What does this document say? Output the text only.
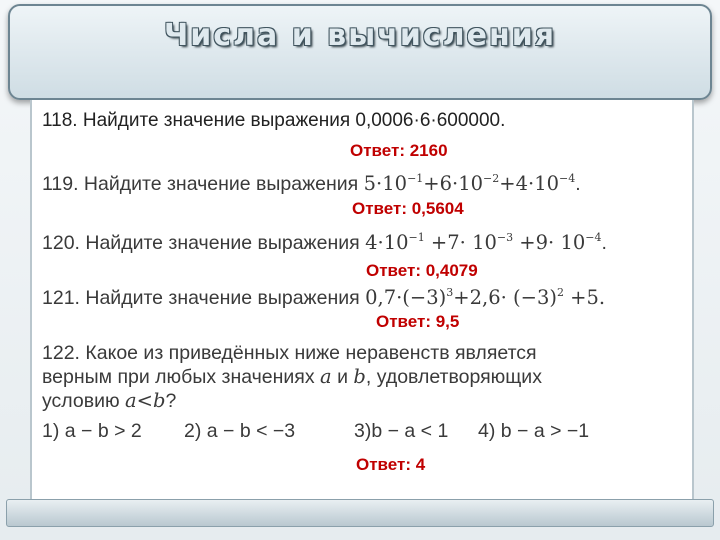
Числа и вычисления
118. Найдите значение выражения 0,0006·6·600000.
Ответ: 2160
119. Найдите значение выражения $5\cdot 10^{-1}+6\cdot 10^{-2}+4\cdot 10^{-4}$.
Ответ: 0,5604
120. Найдите значение выражения $4\cdot 10^{-1} +7\cdot 10^{-3} +9\cdot 10^{-4}$.
Ответ: 0,4079
121. Найдите значение выражения $0,7\cdot(-3)^3+2,6\cdot (-3)^2 +5$.
Ответ: 9,5
122. Какое из приведённых ниже неравенств является
верным при любых значениях a и b, удовлетворяющих
условию a<b?
1) a − b > 2 2) a − b < −3	3)b − a < 1 4) b − a > −1
Ответ: 4
